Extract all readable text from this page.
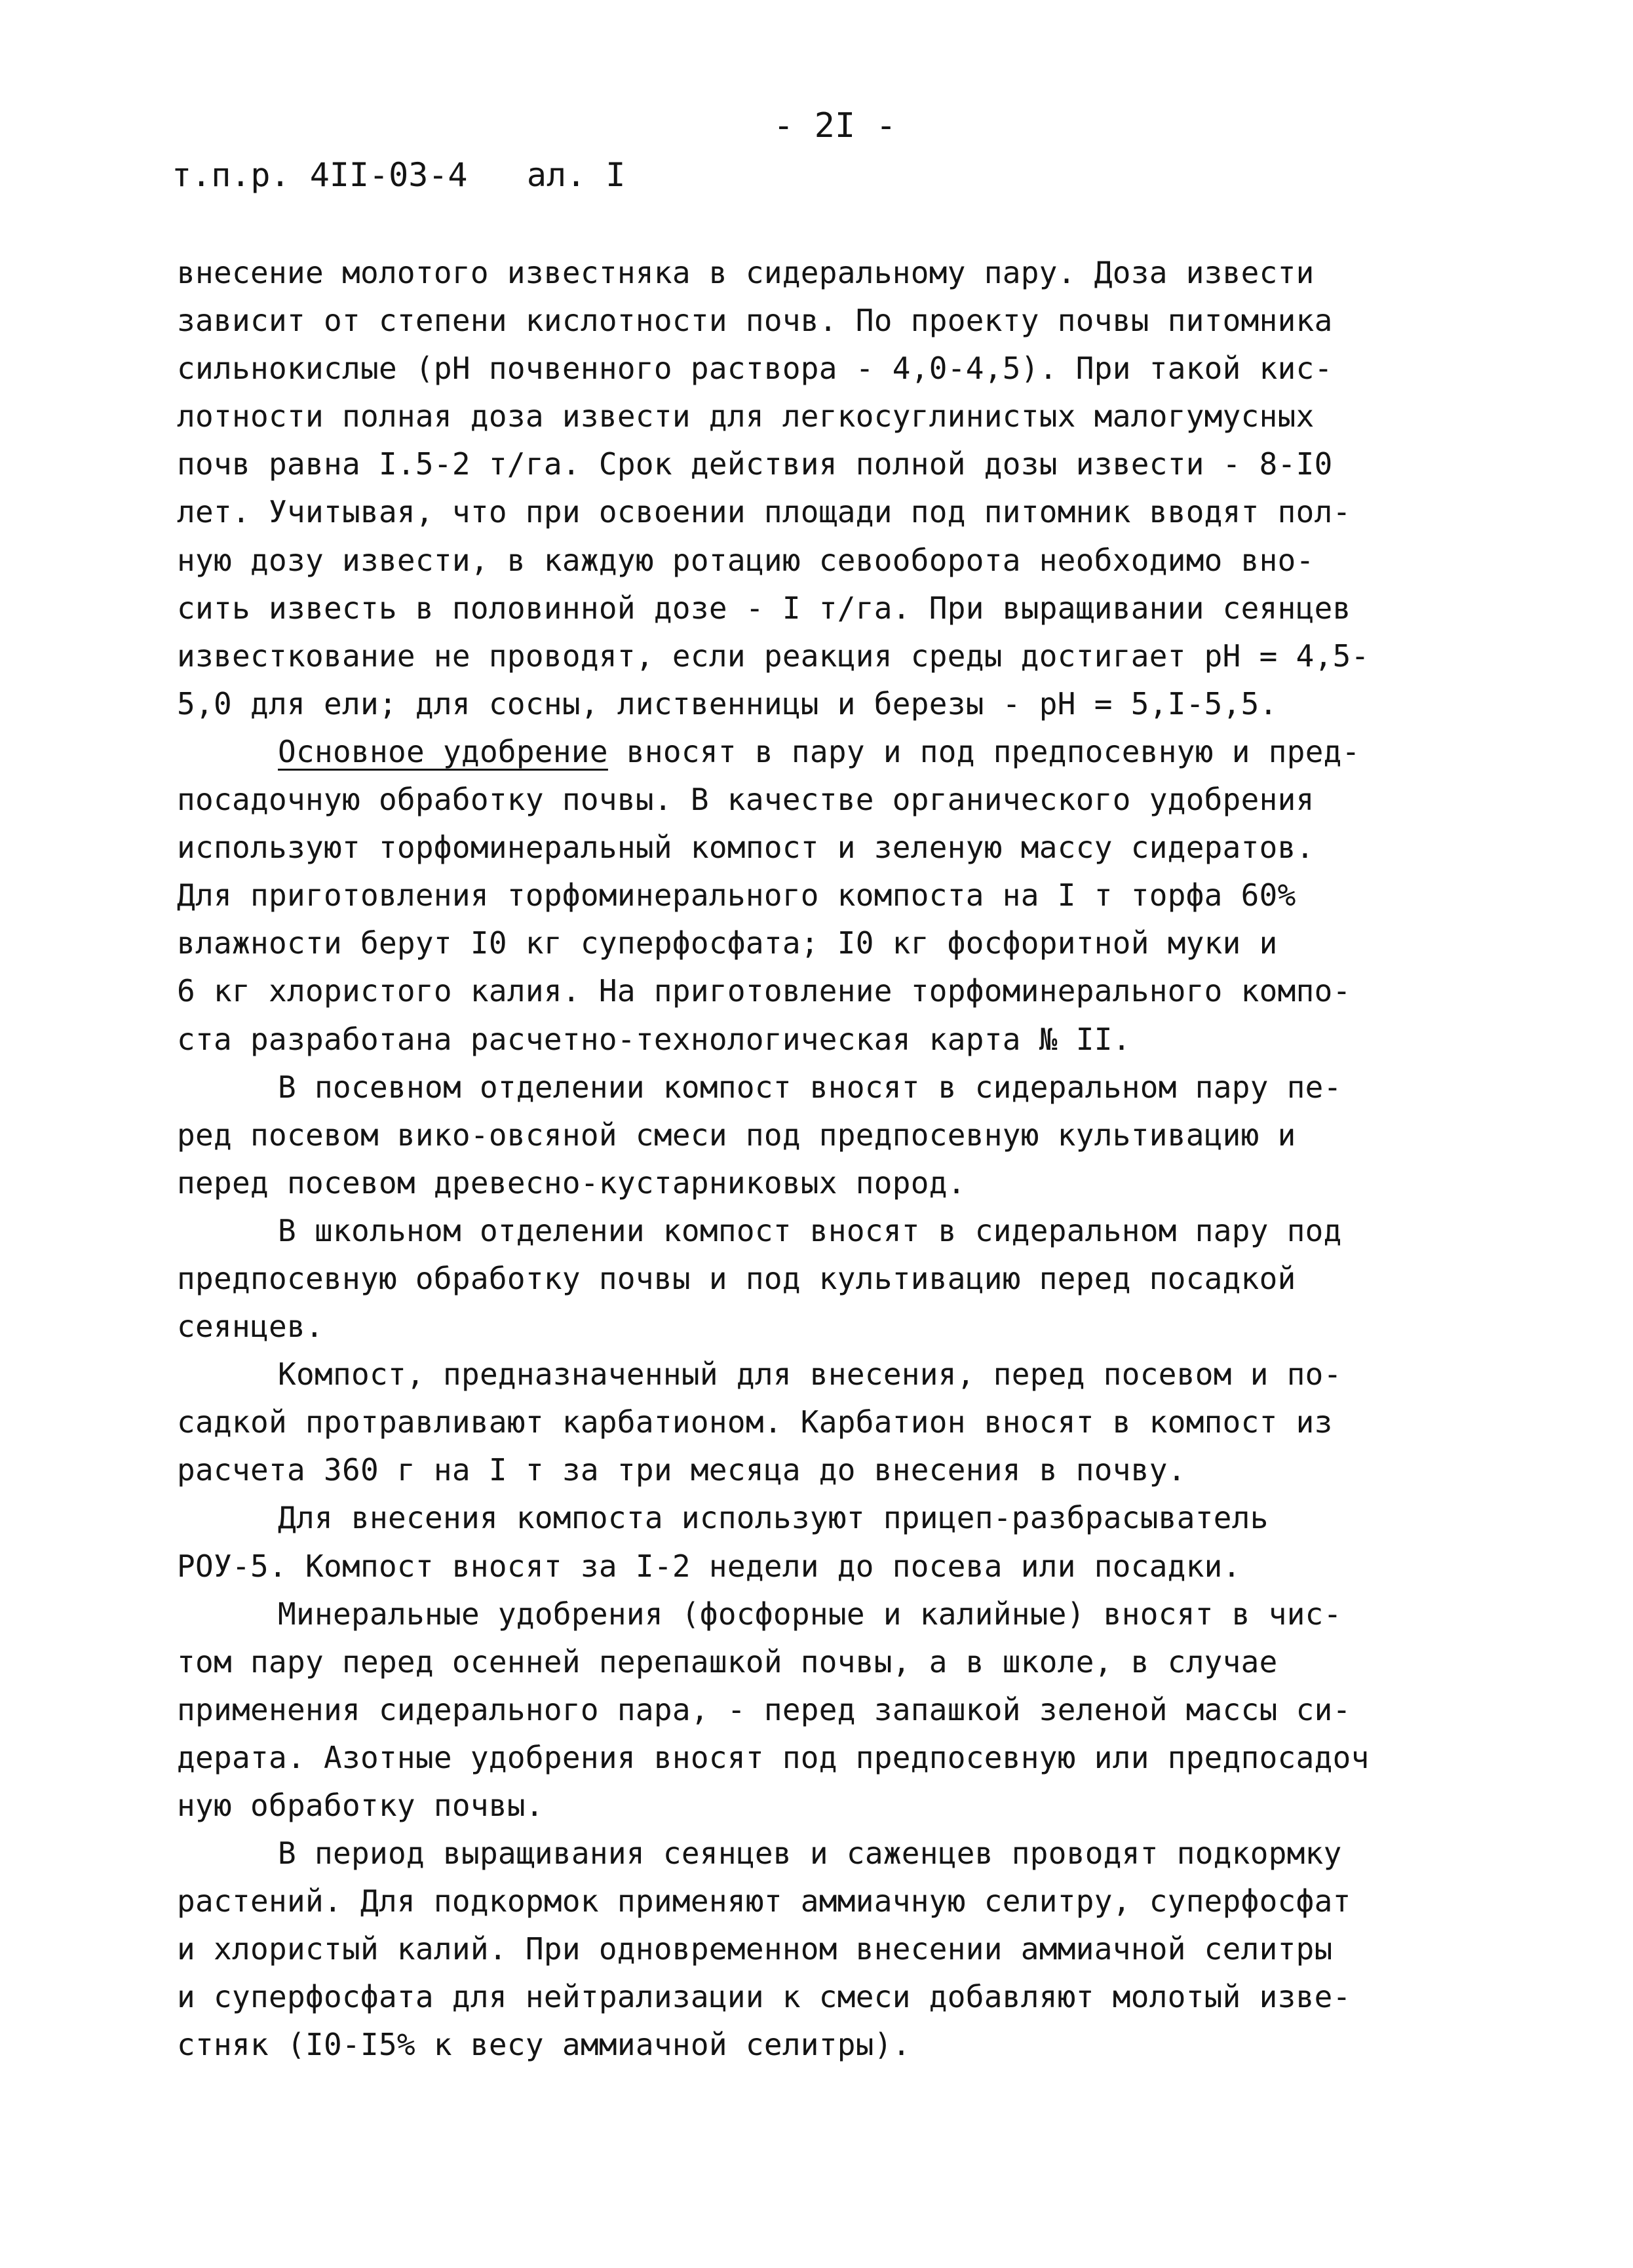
- 2I -
т.п.р. 4II-03-4   ал. I
внесение молотого известняка в сидеральному пару. Доза извести
зависит от степени кислотности почв. По проекту почвы питомника
сильнокислые (рН почвенного раствора - 4,0-4,5). При такой кис-
лотности полная доза извести для легкосуглинистых малогумусных
почв равна I.5-2 т/га. Срок действия полной дозы извести - 8-I0
лет. Учитывая, что при освоении площади под питомник вводят пол-
ную дозу извести, в каждую ротацию севооборота необходимо вно-
сить известь в половинной дозе - I т/га. При выращивании сеянцев
известкование не проводят, если реакция среды достигает рН = 4,5-
5,0 для ели; для сосны, лиственницы и березы - рН = 5,I-5,5.
Основное удобрение вносят в пару и под предпосевную и пред-
посадочную обработку почвы. В качестве органического удобрения
используют торфоминеральный компост и зеленую массу сидератов.
Для приготовления торфоминерального компоста на I т торфа 60%
влажности берут I0 кг суперфосфата; I0 кг фосфоритной муки и
6 кг хлористого калия. На приготовление торфоминерального компо-
ста разработана расчетно-технологическая карта № II.
В посевном отделении компост вносят в сидеральном пару пе-
ред посевом вико-овсяной смеси под предпосевную культивацию и
перед посевом древесно-кустарниковых пород.
В школьном отделении компост вносят в сидеральном пару под
предпосевную обработку почвы и под культивацию перед посадкой
сеянцев.
Компост, предназначенный для внесения, перед посевом и по-
садкой протравливают карбатионом. Карбатион вносят в компост из
расчета 360 г на I т за три месяца до внесения в почву.
Для внесения компоста используют прицеп-разбрасыватель
РОУ-5. Компост вносят за I-2 недели до посева или посадки.
Минеральные удобрения (фосфорные и калийные) вносят в чис-
том пару перед осенней перепашкой почвы, а в школе, в случае
применения сидерального пара, - перед запашкой зеленой массы си-
дерата. Азотные удобрения вносят под предпосевную или предпосадоч
ную обработку почвы.
В период выращивания сеянцев и саженцев проводят подкормку
растений. Для подкормок применяют аммиачную селитру, суперфосфат
и хлористый калий. При одновременном внесении аммиачной селитры
и суперфосфата для нейтрализации к смеси добавляют молотый изве-
стняк (I0-I5% к весу аммиачной селитры).
